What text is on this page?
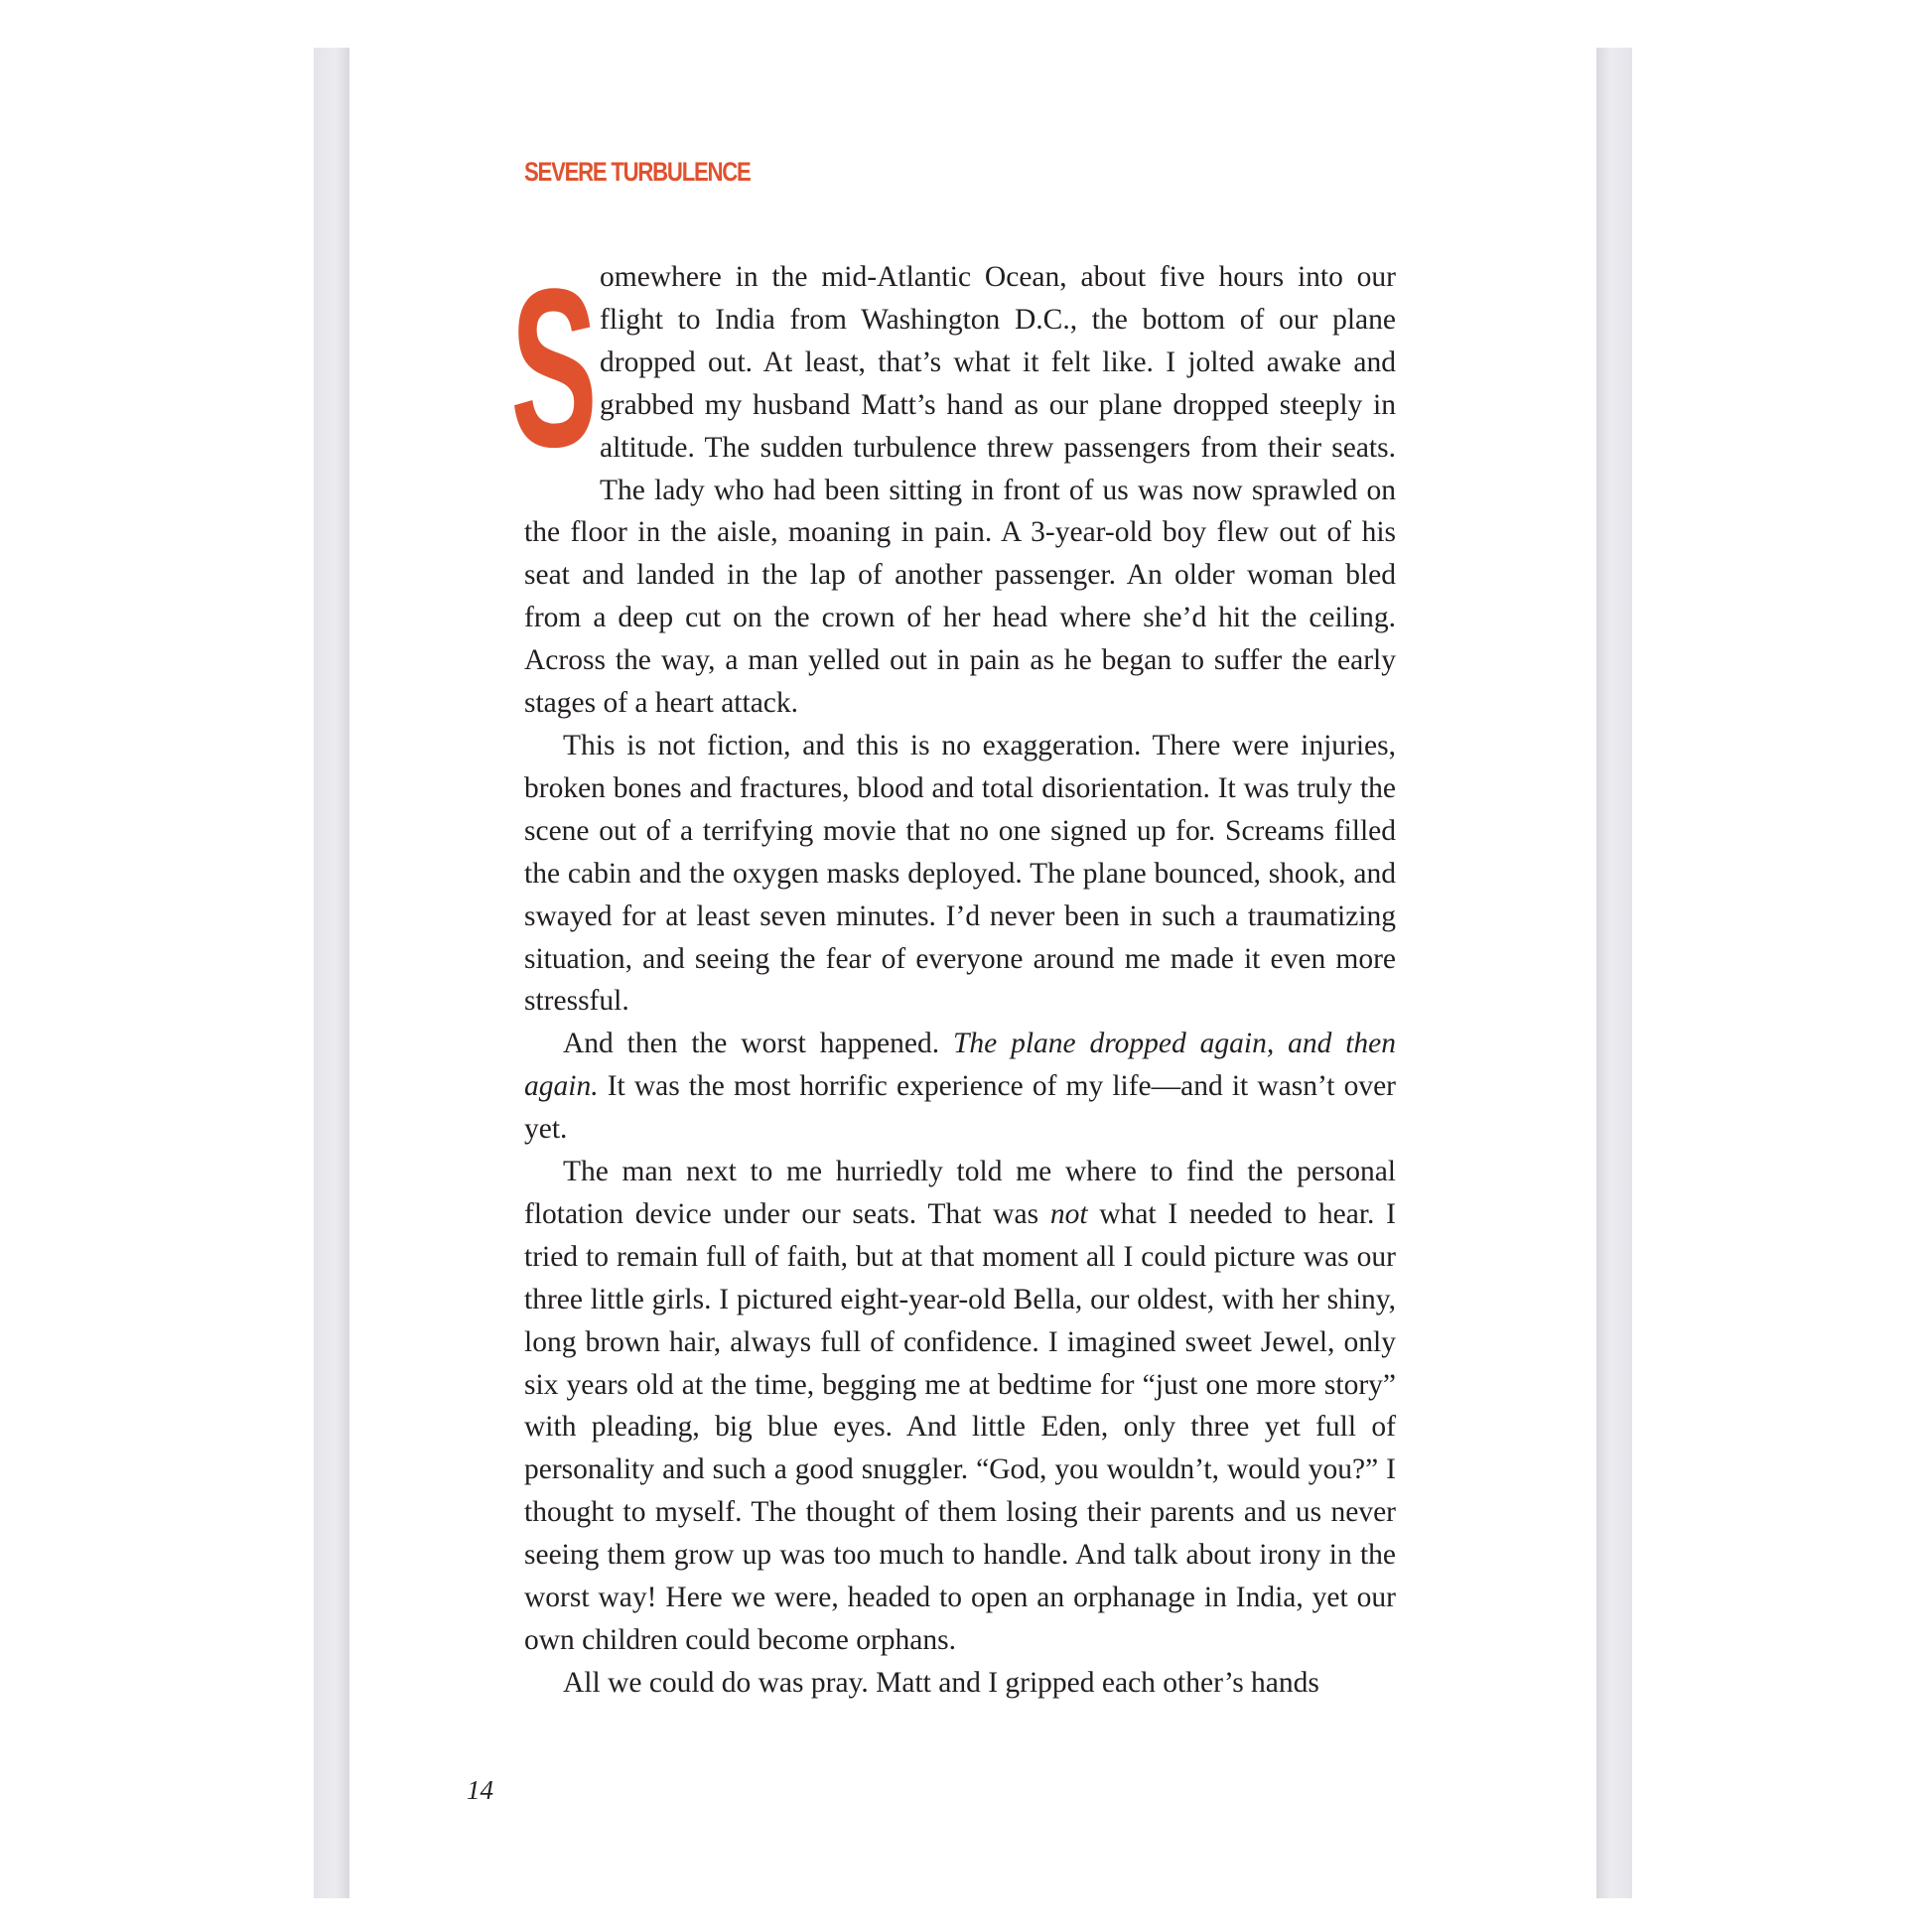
SEVERE TURBULENCE

S omewhere in the mid-Atlantic Ocean, about five hours into our flight to India from Washington D.C., the bottom of our plane dropped out. At least, that’s what it felt like. I jolted awake and grabbed my husband Matt’s hand as our plane dropped steeply in altitude. The sudden turbulence threw passengers from their seats. The lady who had been sitting in front of us was now sprawled on the floor in the aisle, moaning in pain. A 3-year-old boy flew out of his seat and landed in the lap of another passenger. An older woman bled from a deep cut on the crown of her head where she’d hit the ceiling. Across the way, a man yelled out in pain as he began to suffer the early stages of a heart attack.

This is not fiction, and this is no exaggeration. There were injuries, broken bones and fractures, blood and total disorientation. It was truly the scene out of a terrifying movie that no one signed up for. Screams filled the cabin and the oxygen masks deployed. The plane bounced, shook, and swayed for at least seven minutes. I’d never been in such a traumatizing situation, and seeing the fear of everyone around me made it even more stressful.

And then the worst happened. The plane dropped again, and then again. It was the most horrific experience of my life—and it wasn’t over yet.

The man next to me hurriedly told me where to find the personal flotation device under our seats. That was not what I needed to hear. I tried to remain full of faith, but at that moment all I could picture was our three little girls. I pictured eight-year-old Bella, our oldest, with her shiny, long brown hair, always full of confidence. I imagined sweet Jewel, only six years old at the time, begging me at bedtime for “just one more story” with pleading, big blue eyes. And little Eden, only three yet full of personality and such a good snuggler. “God, you wouldn’t, would you?” I thought to myself. The thought of them losing their parents and us never seeing them grow up was too much to handle. And talk about irony in the worst way! Here we were, headed to open an orphanage in India, yet our own children could become orphans.

All we could do was pray. Matt and I gripped each other’s hands

14
